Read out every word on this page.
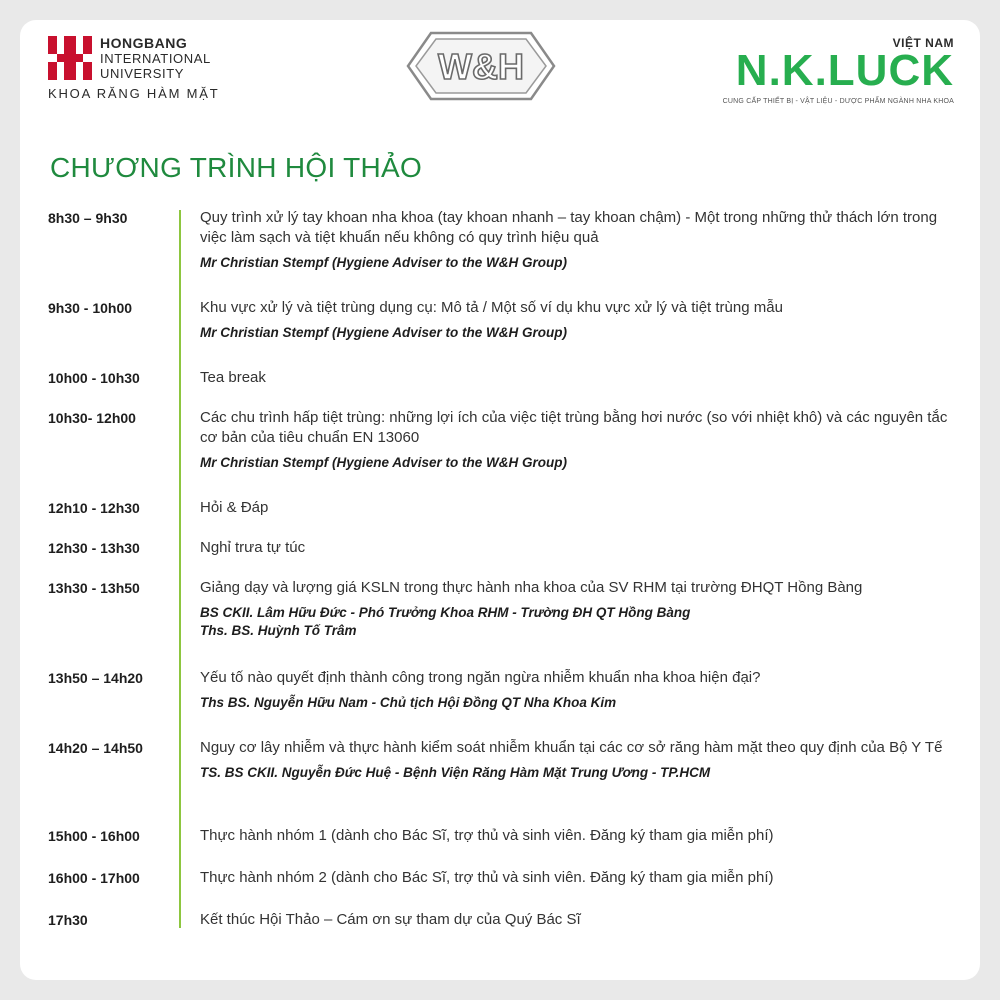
HONGBANG
INTERNATIONAL
UNIVERSITY
KHOA RĂNG HÀM MẶT
W&H
VIỆT NAM
N.K.LUCK
CUNG CẤP THIẾT BỊ - VẬT LIỆU - DƯỢC PHẨM NGÀNH NHA KHOA
CHƯƠNG TRÌNH HỘI THẢO
8h30 – 9h30	Quy trình xử lý tay khoan nha khoa (tay khoan nhanh – tay khoan chậm) - Một trong những thử thách lớn trong việc làm sạch và tiệt khuẩn nếu không có quy trình hiệu quả
Mr Christian Stempf (Hygiene Adviser to the W&H Group)
9h30 - 10h00	Khu vực xử lý và tiệt trùng dụng cụ: Mô tả / Một số ví dụ khu vực xử lý và tiệt trùng mẫu
Mr Christian Stempf (Hygiene Adviser to the W&H Group)
10h00 - 10h30	Tea break
10h30- 12h00	Các chu trình hấp tiệt trùng: những lợi ích của việc tiệt trùng bằng hơi nước (so với nhiệt khô) và các nguyên tắc cơ bản của tiêu chuẩn EN 13060
Mr Christian Stempf (Hygiene Adviser to the W&H Group)
12h10 - 12h30	Hỏi & Đáp
12h30 - 13h30	Nghỉ trưa tự túc
13h30 - 13h50	Giảng dạy và lượng giá KSLN trong thực hành nha khoa của SV RHM tại trường ĐHQT Hồng Bàng
BS CKII. Lâm Hữu Đức - Phó Trưởng Khoa RHM - Trường ĐH QT Hồng Bàng
Ths. BS. Huỳnh Tố Trâm
13h50 – 14h20	Yếu tố nào quyết định thành công trong ngăn ngừa nhiễm khuẩn nha khoa hiện đại?
Ths BS. Nguyễn Hữu Nam - Chủ tịch Hội Đồng QT Nha Khoa Kim
14h20 – 14h50	Nguy cơ lây nhiễm và thực hành kiểm soát nhiễm khuẩn tại các cơ sở răng hàm mặt theo quy định của Bộ Y Tế
TS. BS CKII. Nguyễn Đức Huệ - Bệnh Viện Răng Hàm Mặt Trung Ương - TP.HCM
15h00 - 16h00	Thực hành nhóm 1 (dành cho Bác Sĩ, trợ thủ và sinh viên. Đăng ký tham gia miễn phí)
16h00 - 17h00	Thực hành nhóm 2 (dành cho Bác Sĩ, trợ thủ và sinh viên. Đăng ký tham gia miễn phí)
17h30	Kết thúc Hội Thảo – Cám ơn sự tham dự của Quý Bác Sĩ
